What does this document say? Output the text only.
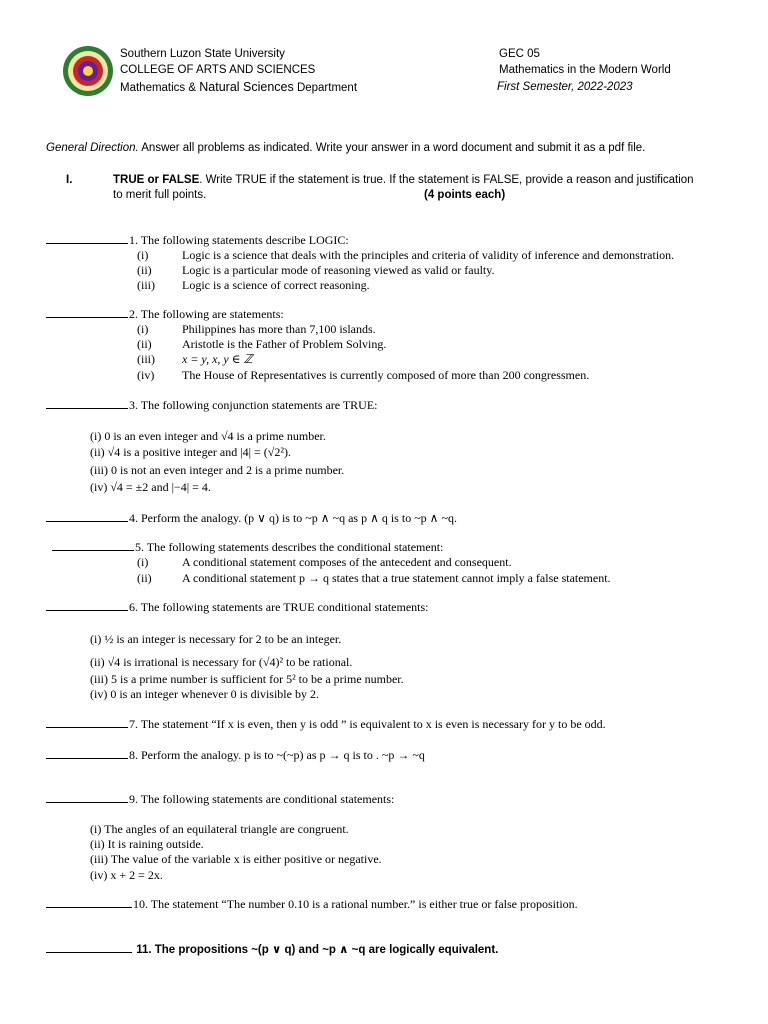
Southern Luzon State University
COLLEGE OF ARTS AND SCIENCES
Mathematics & Natural Sciences Department
GEC 05
Mathematics in the Modern World
First Semester, 2022-2023
General Direction. Answer all problems as indicated. Write your answer in a word document and submit it as a pdf file.
I.	TRUE or FALSE. Write TRUE if the statement is true. If the statement is FALSE, provide a reason and justification
to merit full points.	(4 points each)
1. The following statements describe LOGIC:
(i)	Logic is a science that deals with the principles and criteria of validity of inference and demonstration.
(ii)	Logic is a particular mode of reasoning viewed as valid or faulty.
(iii) Logic is a science of correct reasoning.
2. The following are statements:
(i)	Philippines has more than 7,100 islands.
(ii)	Aristotle is the Father of Problem Solving.
(iii) x = y, x, y ∈ ℤ
(iv) The House of Representatives is currently composed of more than 200 congressmen.
3. The following conjunction statements are TRUE:
(i) 0 is an even integer and √4 is a prime number.
(ii) √4 is a positive integer and |4| = (√2²).
(iii) 0 is not an even integer and 2 is a prime number.
(iv) √4 = ±2 and |−4| = 4.
4. Perform the analogy. (p ∨ q) is to ~p ∧ ~q as p ∧ q is to ~p ∧ ~q.
5. The following statements describes the conditional statement:
(i)	A conditional statement composes of the antecedent and consequent.
(ii)	A conditional statement p → q states that a true statement cannot imply a false statement.
6. The following statements are TRUE conditional statements:
(i) ½ is an integer is necessary for 2 to be an integer.
(ii) √4 is irrational is necessary for (√4)² to be rational.
(iii) 5 is a prime number is sufficient for 5² to be a prime number.
(iv) 0 is an integer whenever 0 is divisible by 2.
7. The statement “If x is even, then y is odd ” is equivalent to x is even is necessary for y to be odd.
8. Perform the analogy. p is to ~(~p) as p → q is to . ~p → ~q
9. The following statements are conditional statements:
(i) The angles of an equilateral triangle are congruent.
(ii) It is raining outside.
(iii) The value of the variable x is either positive or negative.
(iv) x + 2 = 2x.
10. The statement “The number 0.10 is a rational number.” is either true or false proposition.
11. The propositions ~(p ∨ q) and ~p ∧ ~q are logically equivalent.
